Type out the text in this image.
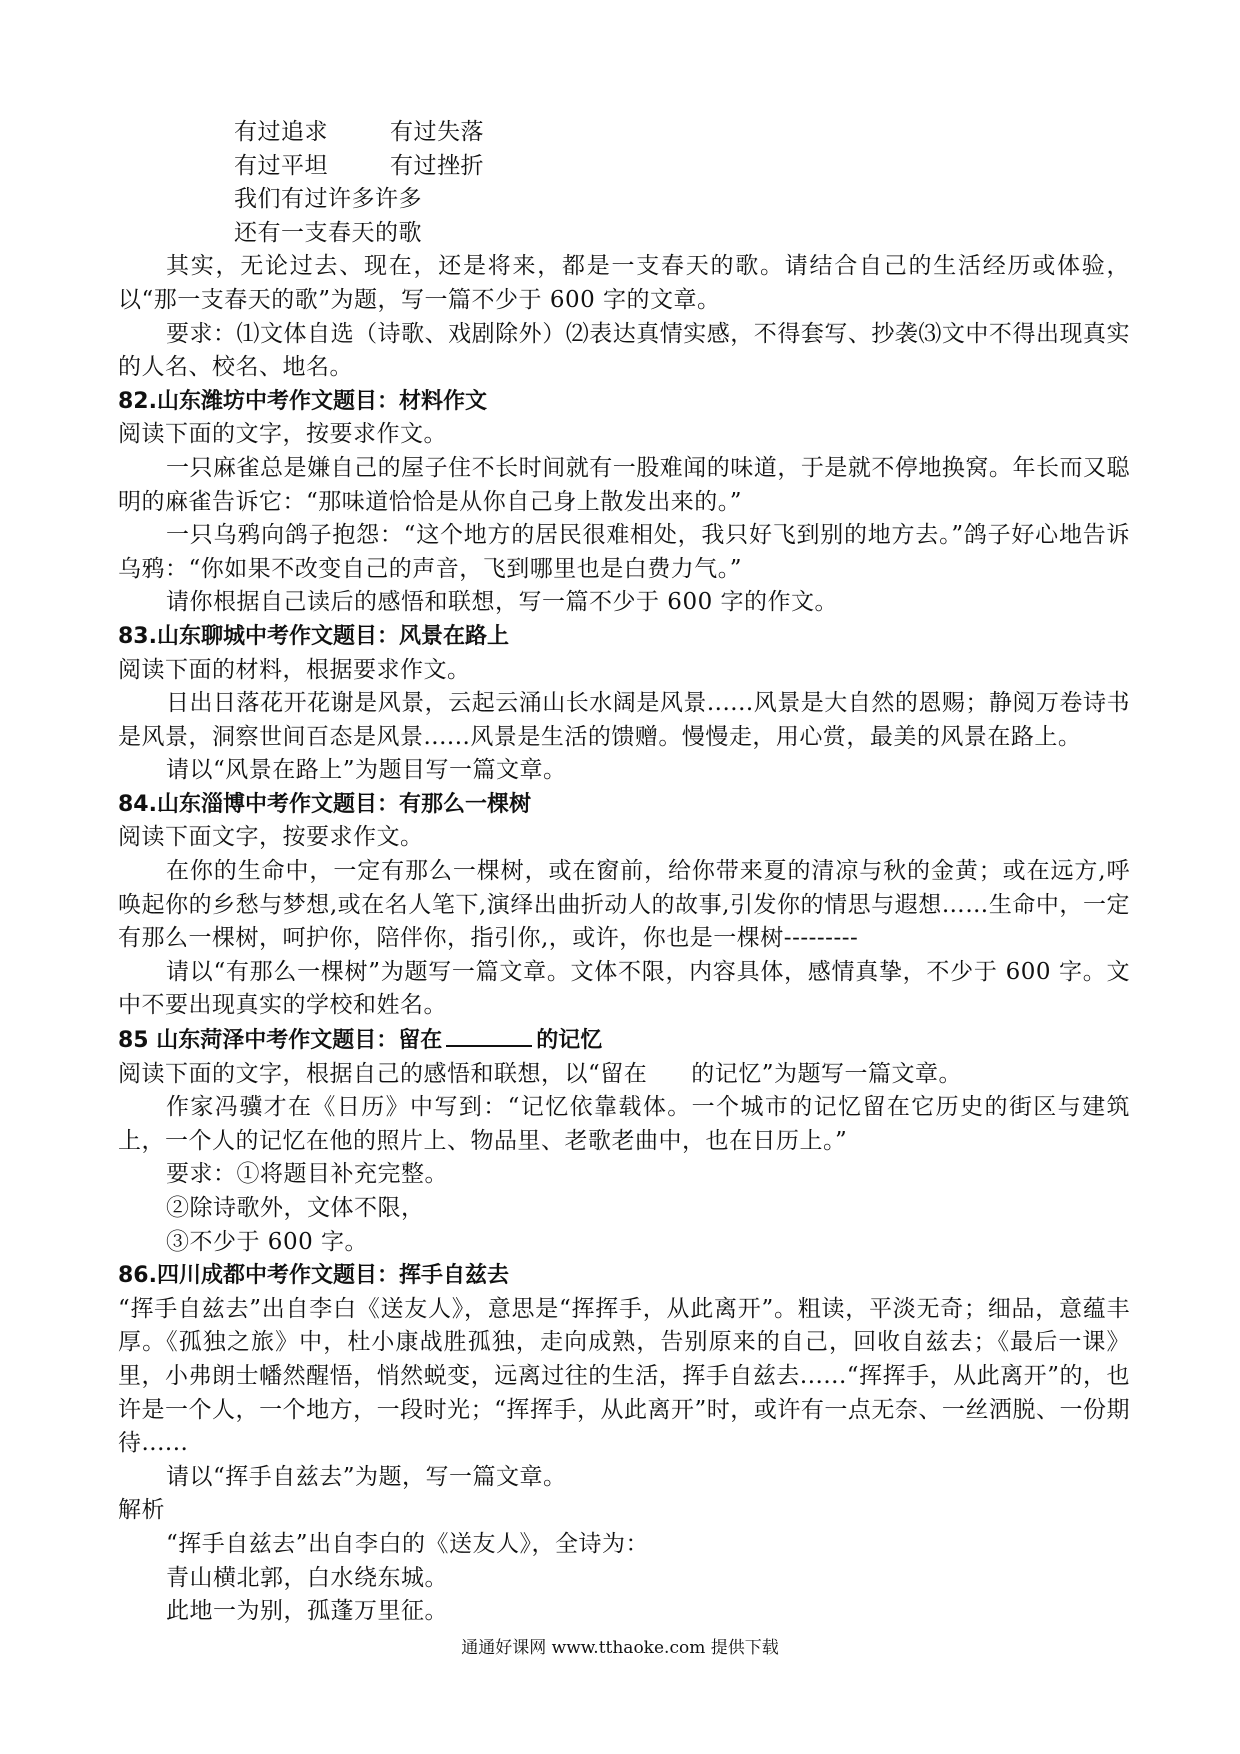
有过追求	有过失落

有过平坦	有过挫折

我们有过许多许多

还有一支春天的歌

其实，无论过去、现在，还是将来，都是一支春天的歌。请结合自己的生活经历或体验，以“那一支春天的歌”为题，写一篇不少于 600 字的文章。

要求：⑴文体自选（诗歌、戏剧除外）⑵表达真情实感，不得套写、抄袭⑶文中不得出现真实的人名、校名、地名。

82.山东潍坊中考作文题目：材料作文

阅读下面的文字，按要求作文。

一只麻雀总是嫌自己的屋子住不长时间就有一股难闻的味道，于是就不停地换窝。年长而又聪明的麻雀告诉它：“那味道恰恰是从你自己身上散发出来的。”

一只乌鸦向鸽子抱怨：“这个地方的居民很难相处，我只好飞到别的地方去。”鸽子好心地告诉乌鸦：“你如果不改变自己的声音，飞到哪里也是白费力气。”

请你根据自己读后的感悟和联想，写一篇不少于 600 字的作文。

83.山东聊城中考作文题目：风景在路上

阅读下面的材料，根据要求作文。

日出日落花开花谢是风景，云起云涌山长水阔是风景......风景是大自然的恩赐；静阅万卷诗书是风景，洞察世间百态是风景......风景是生活的馈赠。慢慢走，用心赏，最美的风景在路上。

请以“风景在路上”为题目写一篇文章。

84.山东淄博中考作文题目：有那么一棵树

阅读下面文字，按要求作文。

在你的生命中，一定有那么一棵树，或在窗前，给你带来夏的清凉与秋的金黄；或在远方,呼唤起你的乡愁与梦想,或在名人笔下,演绎出曲折动人的故事,引发你的情思与遐想……生命中，一定有那么一棵树，呵护你，陪伴你，指引你,，或许，你也是一棵树---------

请以“有那么一棵树”为题写一篇文章。文体不限，内容具体，感情真挚，不少于 600 字。文中不要出现真实的学校和姓名。

85 山东菏泽中考作文题目：留在	的记忆

阅读下面的文字，根据自己的感悟和联想，以“留在 的记忆”为题写一篇文章。

作家冯骥才在《日历》中写到：“记忆依靠载体。一个城市的记忆留在它历史的街区与建筑上，一个人的记忆在他的照片上、物品里、老歌老曲中，也在日历上。”

要求：①将题目补充完整。

②除诗歌外，文体不限，

③不少于 600 字。

86.四川成都中考作文题目：挥手自兹去

“挥手自兹去”出自李白《送友人》，意思是“挥挥手，从此离开”。粗读，平淡无奇；细品，意蕴丰厚。《孤独之旅》中，杜小康战胜孤独，走向成熟，告别原来的自己，回收自兹去；《最后一课》里，小弗朗士幡然醒悟，悄然蜕变，远离过往的生活，挥手自兹去......“挥挥手，从此离开”的，也许是一个人，一个地方，一段时光；“挥挥手，从此离开”时，或许有一点无奈、一丝洒脱、一份期待......

请以“挥手自兹去”为题，写一篇文章。

解析

“挥手自兹去”出自李白的《送友人》，全诗为：

青山横北郭，白水绕东城。

此地一为别，孤蓬万里征。

通通好课网 www.tthaoke.com 提供下载
